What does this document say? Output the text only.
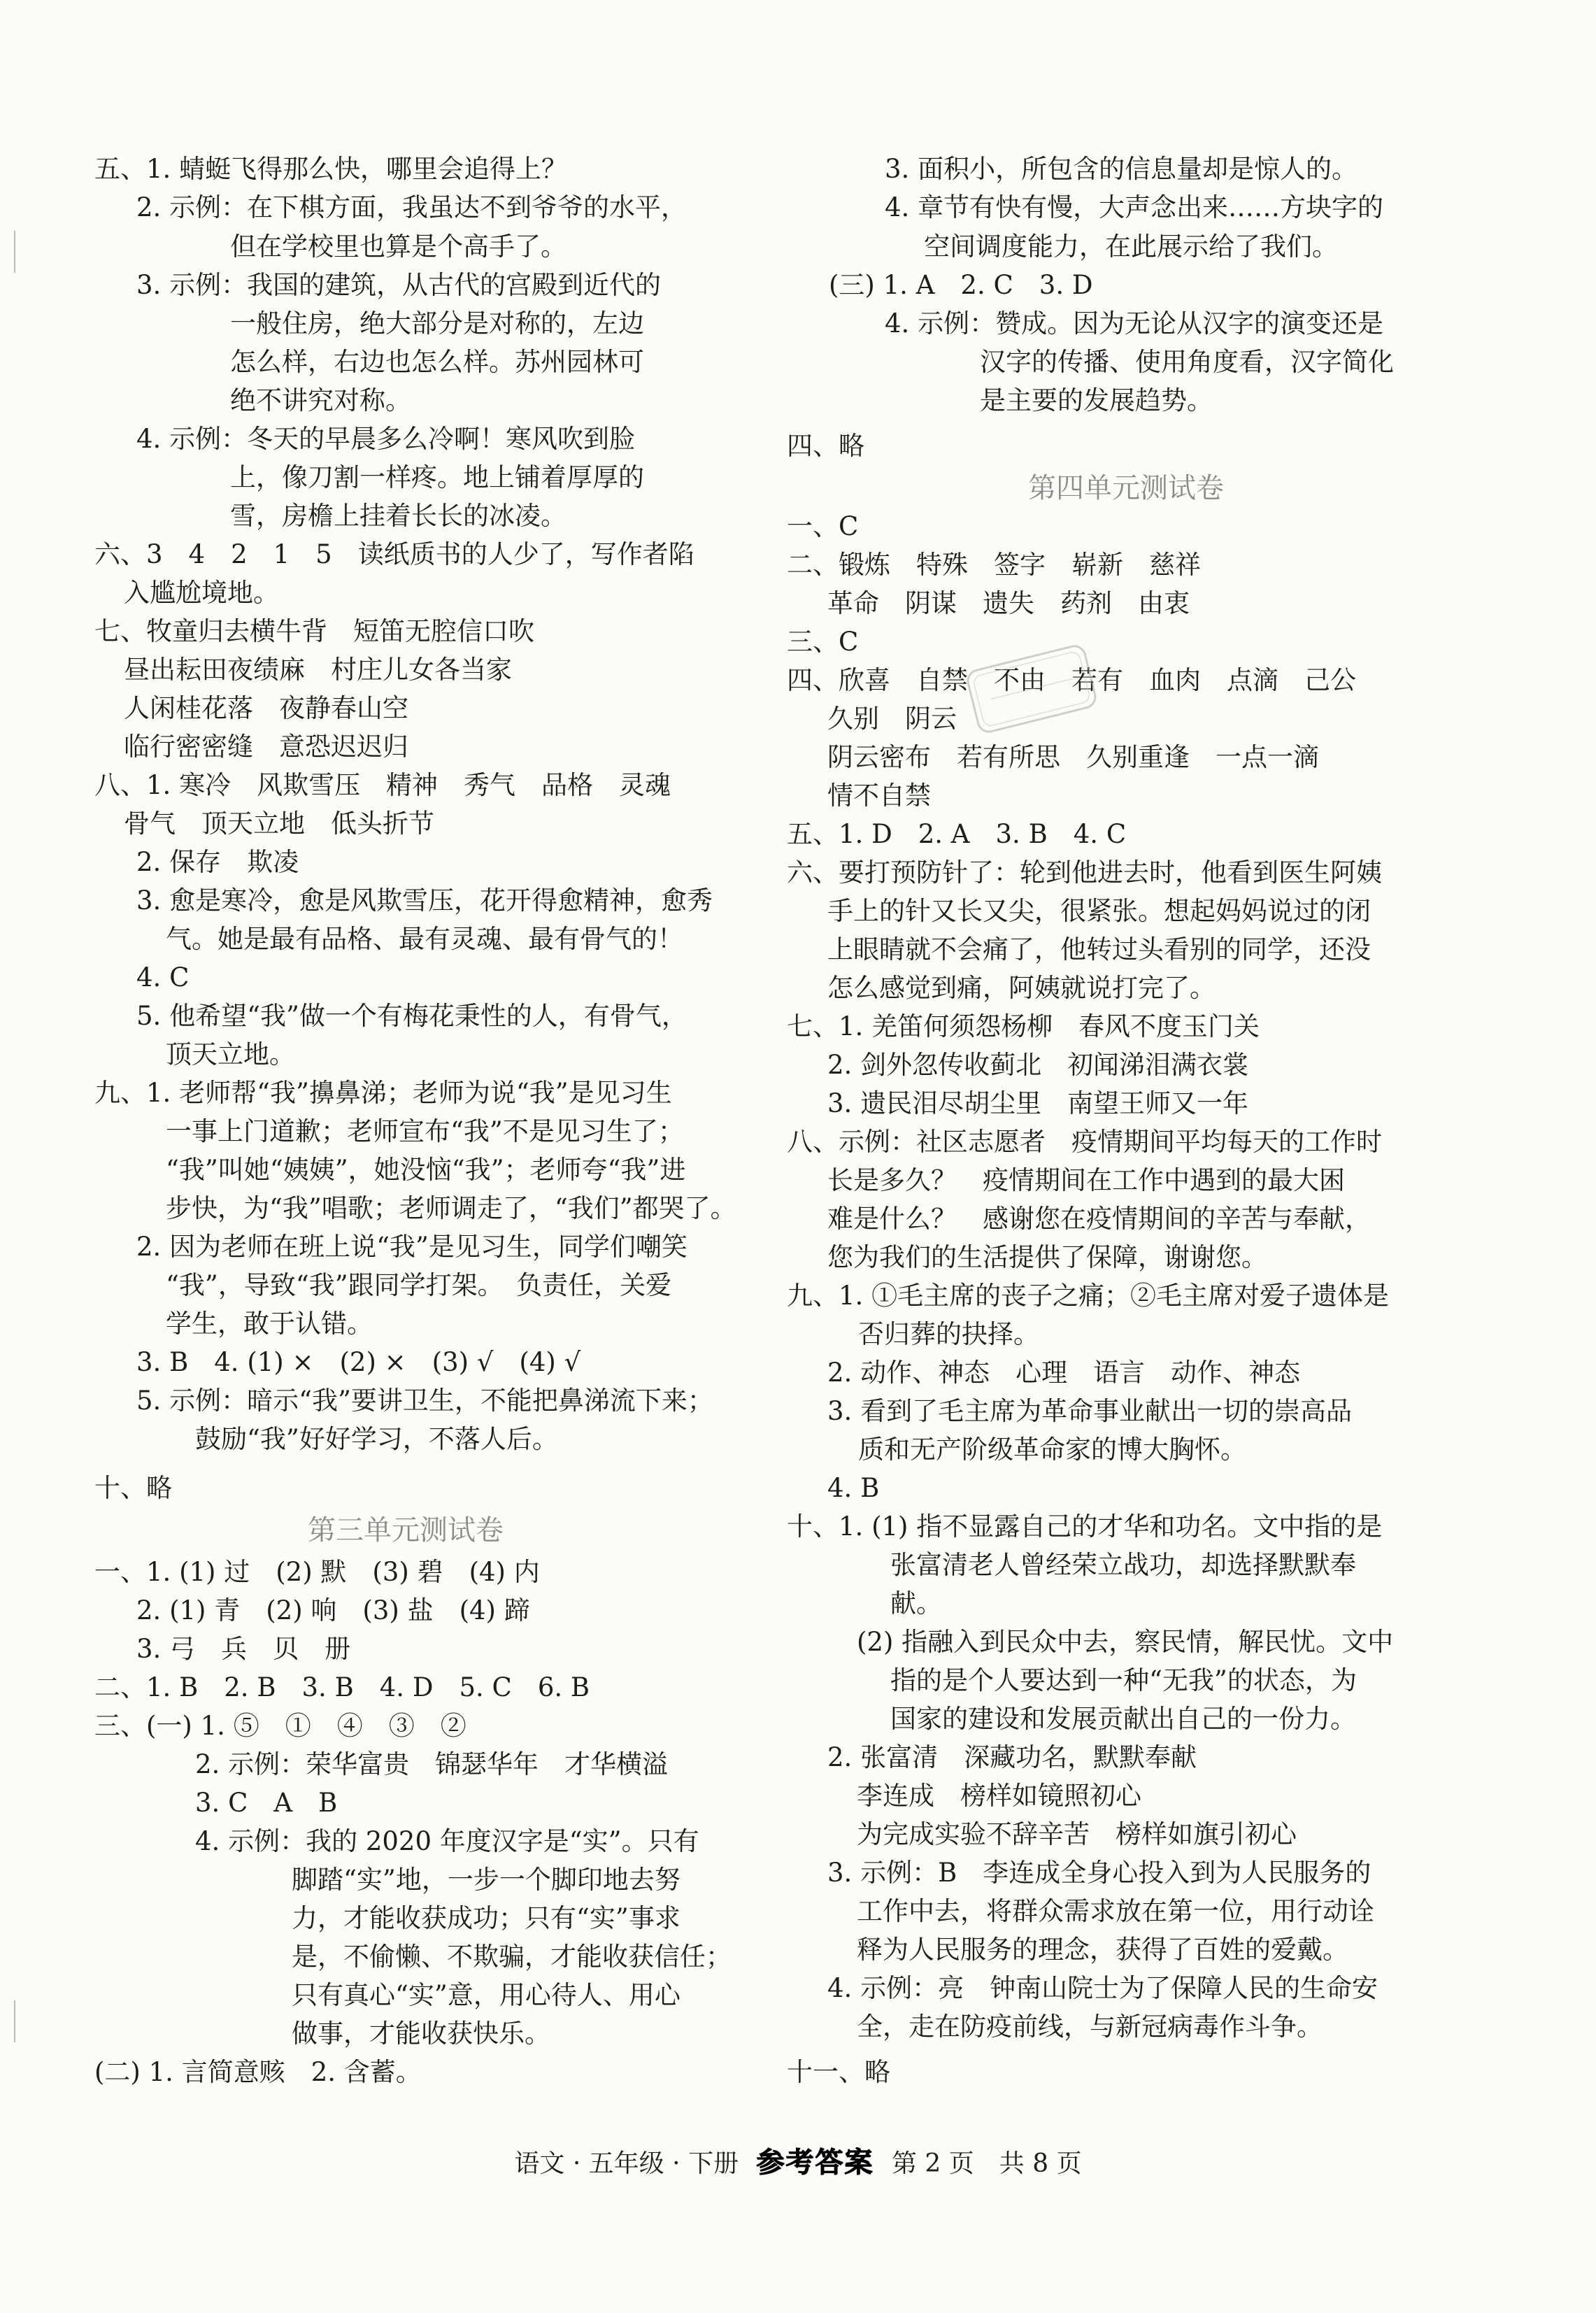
五、1. 蜻蜓飞得那么快，哪里会追得上？
2. 示例：在下棋方面，我虽达不到爷爷的水平，
但在学校里也算是个高手了。
3. 示例：我国的建筑，从古代的宫殿到近代的
一般住房，绝大部分是对称的，左边
怎么样，右边也怎么样。苏州园林可
绝不讲究对称。
4. 示例：冬天的早晨多么冷啊！寒风吹到脸
上，像刀割一样疼。地上铺着厚厚的
雪，房檐上挂着长长的冰凌。
六、3　4　2　1　5　读纸质书的人少了，写作者陷
入尴尬境地。
七、牧童归去横牛背　短笛无腔信口吹
昼出耘田夜绩麻　村庄儿女各当家
人闲桂花落　夜静春山空
临行密密缝　意恐迟迟归
八、1. 寒冷　风欺雪压　精神　秀气　品格　灵魂
骨气　顶天立地　低头折节
2. 保存　欺凌
3. 愈是寒冷，愈是风欺雪压，花开得愈精神，愈秀
气。她是最有品格、最有灵魂、最有骨气的！
4. C
5. 他希望“我”做一个有梅花秉性的人，有骨气，
顶天立地。
九、1. 老师帮“我”擤鼻涕；老师为说“我”是见习生
一事上门道歉；老师宣布“我”不是见习生了；
“我”叫她“姨姨”，她没恼“我”；老师夸“我”进
步快，为“我”唱歌；老师调走了，“我们”都哭了。
2. 因为老师在班上说“我”是见习生，同学们嘲笑
“我”，导致“我”跟同学打架。　负责任，关爱
学生，敢于认错。
3. B　4. (1) ×　(2) ×　(3) √　(4) √
5. 示例：暗示“我”要讲卫生，不能把鼻涕流下来；
鼓励“我”好好学习，不落人后。
十、略
第三单元测试卷
一、1. (1) 过　(2) 默　(3) 碧　(4) 内
2. (1) 青　(2) 响　(3) 盐　(4) 蹄
3. 弓　兵　贝　册
二、1. B　2. B　3. B　4. D　5. C　6. B
三、(一) 1. ⑤　①　④　③　②
2. 示例：荣华富贵　锦瑟华年　才华横溢
3. C　A　B
4. 示例：我的 2020 年度汉字是“实”。只有
脚踏“实”地，一步一个脚印地去努
力，才能收获成功；只有“实”事求
是，不偷懒、不欺骗，才能收获信任；
只有真心“实”意，用心待人、用心
做事，才能收获快乐。
(二) 1. 言简意赅　2. 含蓄。
3. 面积小，所包含的信息量却是惊人的。
4. 章节有快有慢，大声念出来……方块字的
空间调度能力，在此展示给了我们。
(三) 1. A　2. C　3. D
4. 示例：赞成。因为无论从汉字的演变还是
汉字的传播、使用角度看，汉字简化
是主要的发展趋势。
四、略
第四单元测试卷
一、C
二、锻炼　特殊　签字　崭新　慈祥
革命　阴谋　遗失　药剂　由衷
三、C
四、欣喜　自禁　不由　若有　血肉　点滴　己公
久别　阴云
阴云密布　若有所思　久别重逢　一点一滴
情不自禁
五、1. D　2. A　3. B　4. C
六、要打预防针了：轮到他进去时，他看到医生阿姨
手上的针又长又尖，很紧张。想起妈妈说过的闭
上眼睛就不会痛了，他转过头看别的同学，还没
怎么感觉到痛，阿姨就说打完了。
七、1. 羌笛何须怨杨柳　春风不度玉门关
2. 剑外忽传收蓟北　初闻涕泪满衣裳
3. 遗民泪尽胡尘里　南望王师又一年
八、示例：社区志愿者　疫情期间平均每天的工作时
长是多久？　疫情期间在工作中遇到的最大困
难是什么？　感谢您在疫情期间的辛苦与奉献，
您为我们的生活提供了保障，谢谢您。
九、1. ①毛主席的丧子之痛；②毛主席对爱子遗体是
否归葬的抉择。
2. 动作、神态　心理　语言　动作、神态
3. 看到了毛主席为革命事业献出一切的崇高品
质和无产阶级革命家的博大胸怀。
4. B
十、1. (1) 指不显露自己的才华和功名。文中指的是
张富清老人曾经荣立战功，却选择默默奉
献。
(2) 指融入到民众中去，察民情，解民忧。文中
指的是个人要达到一种“无我”的状态，为
国家的建设和发展贡献出自己的一份力。
2. 张富清　深藏功名，默默奉献
李连成　榜样如镜照初心
为完成实验不辞辛苦　榜样如旗引初心
3. 示例：B　李连成全身心投入到为人民服务的
工作中去，将群众需求放在第一位，用行动诠
释为人民服务的理念，获得了百姓的爱戴。
4. 示例：亮　钟南山院士为了保障人民的生命安
全，走在防疫前线，与新冠病毒作斗争。
十一、略
语文 · 五年级 · 下册 参考答案 第 2 页　共 8 页
